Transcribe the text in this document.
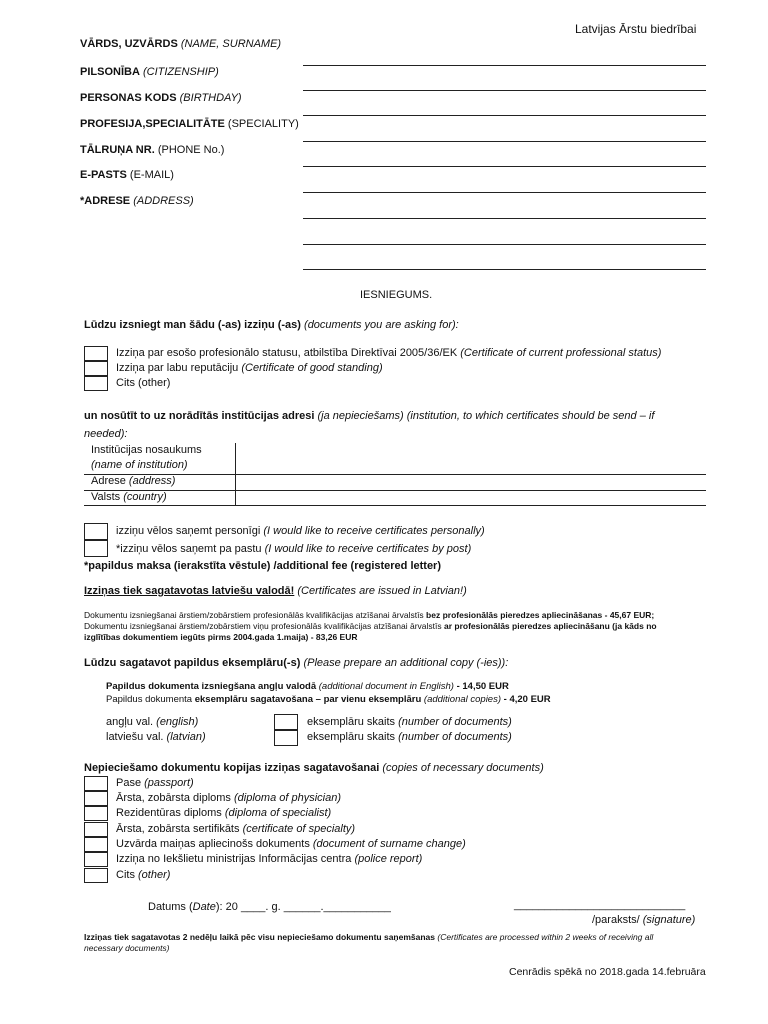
Latvijas Ārstu biedrībai
VĀRDS, UZVĀRDS (NAME, SURNAME)
PILSONĪBA (CITIZENSHIP)
PERSONAS KODS (BIRTHDAY)
PROFESIJA,SPECIALITĀTE (SPECIALITY)
TĀLRUŅA NR. (PHONE No.)
E-PASTS (E-MAIL)
*ADRESE (ADDRESS)
IESNIEGUMS.
Lūdzu izsniegt man šādu (-as) izziņu (-as) (documents you are asking for):
Izziņa par esošo profesionālo statusu, atbilstība Direktīvai 2005/36/EK (Certificate of current professional status)
Izziņa par labu reputāciju (Certificate of good standing)
Cits (other)
un nosūtīt to uz norādītās institūcijas adresi (ja nepieciešams) (institution, to which certificates should be send – if
needed):
Institūcijas nosaukums
(name of institution)
Adrese (address)
Valsts (country)
izziņu vēlos saņemt personīgi (I would like to receive certificates personally)
*izziņu vēlos saņemt pa pastu (I would like to receive certificates by post)
*papildus maksa (ierakstīta vēstule) /additional fee (registered letter)
Izziņas tiek sagatavotas latviešu valodā! (Certificates are issued in Latvian!)
Dokumentu izsniegšanai ārstiem/zobārstiem profesionālās kvalifikācijas atzīšanai ārvalstīs bez profesionālās pieredzes apliecināšanas - 45,67 EUR;
Dokumentu izsniegšanai ārstiem/zobārstiem viņu profesionālās kvalifikācijas atzīšanai ārvalstīs ar profesionālās pieredzes apliecināšanu (ja kāds no
izglītības dokumentiem iegūts pirms 2004.gada 1.maija) - 83,26 EUR
Lūdzu sagatavot papildus eksemplāru(-s) (Please prepare an additional copy (-ies)):
Papildus dokumenta izsniegšana angļu valodā (additional document in English) - 14,50 EUR
Papildus dokumenta eksemplāru sagatavošana – par vienu eksemplāru (additional copies) - 4,20 EUR
angļu val. (english)
latviešu val. (latvian)
eksemplāru skaits (number of documents)
eksemplāru skaits (number of documents)
Nepieciešamo dokumentu kopijas izziņas sagatavošanai (copies of necessary documents)
Pase (passport)
Ārsta, zobārsta diploms (diploma of physician)
Rezidentūras diploms (diploma of specialist)
Ārsta, zobārsta sertifikāts (certificate of specialty)
Uzvārda maiņas apliecinošs dokuments (document of surname change)
Izziņa no Iekšlietu ministrijas Informācijas centra (police report)
Cits (other)
Datums (Date): 20 ____. g. ______.___________	____________________________
/paraksts/ (signature)
Izziņas tiek sagatavotas 2 nedēļu laikā pēc visu nepieciešamo dokumentu saņemšanas (Certificates are processed within 2 weeks of receiving all
necessary documents)
Cenrādis spēkā no 2018.gada 14.februāra
